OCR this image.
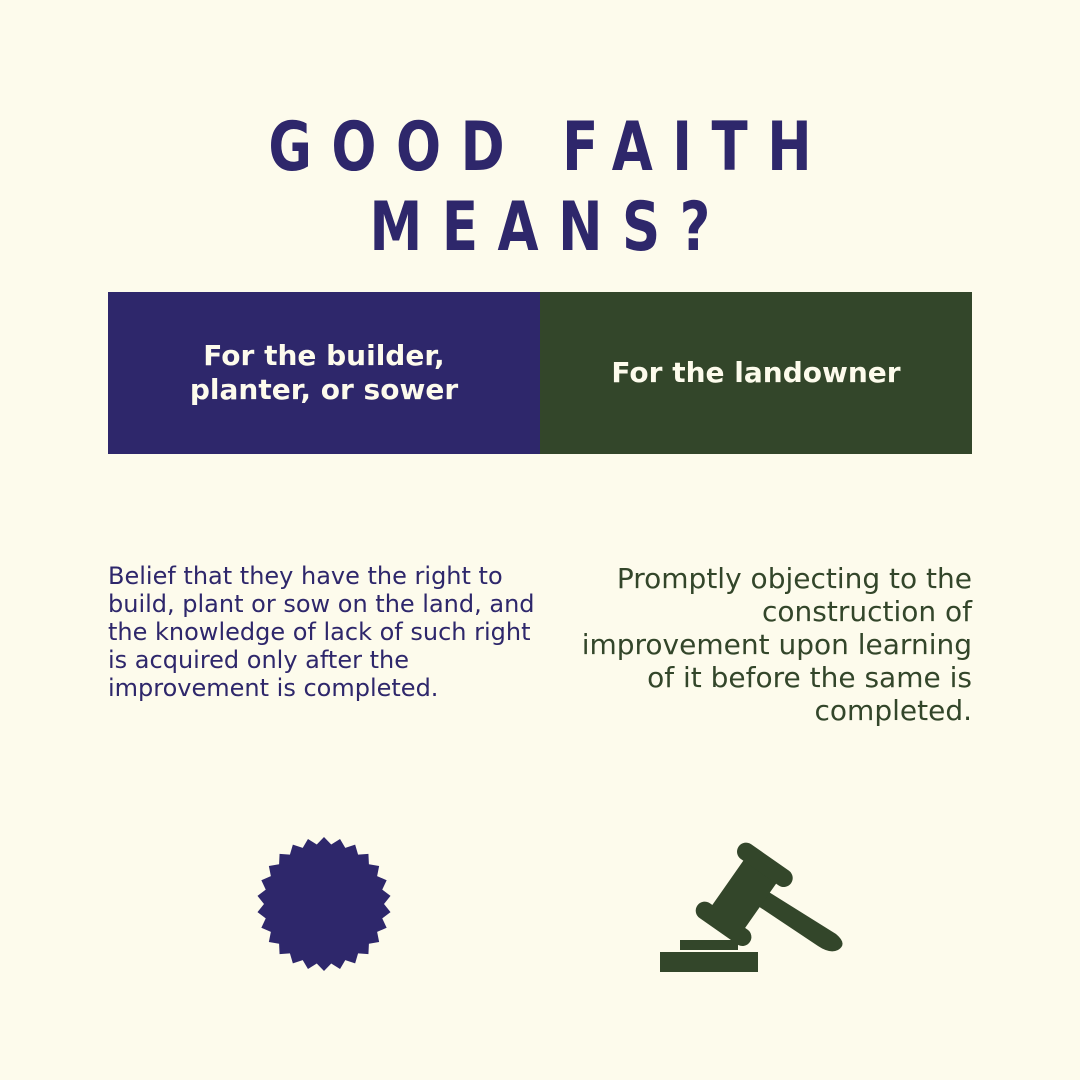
GOOD FAITH MEANS?
For the builder, planter, or sower
For the landowner

Belief that they have the right to build, plant or sow on the land, and the knowledge of lack of such right is acquired only after the improvement is completed.

Promptly objecting to the construction of improvement upon learning of it before the same is completed.
